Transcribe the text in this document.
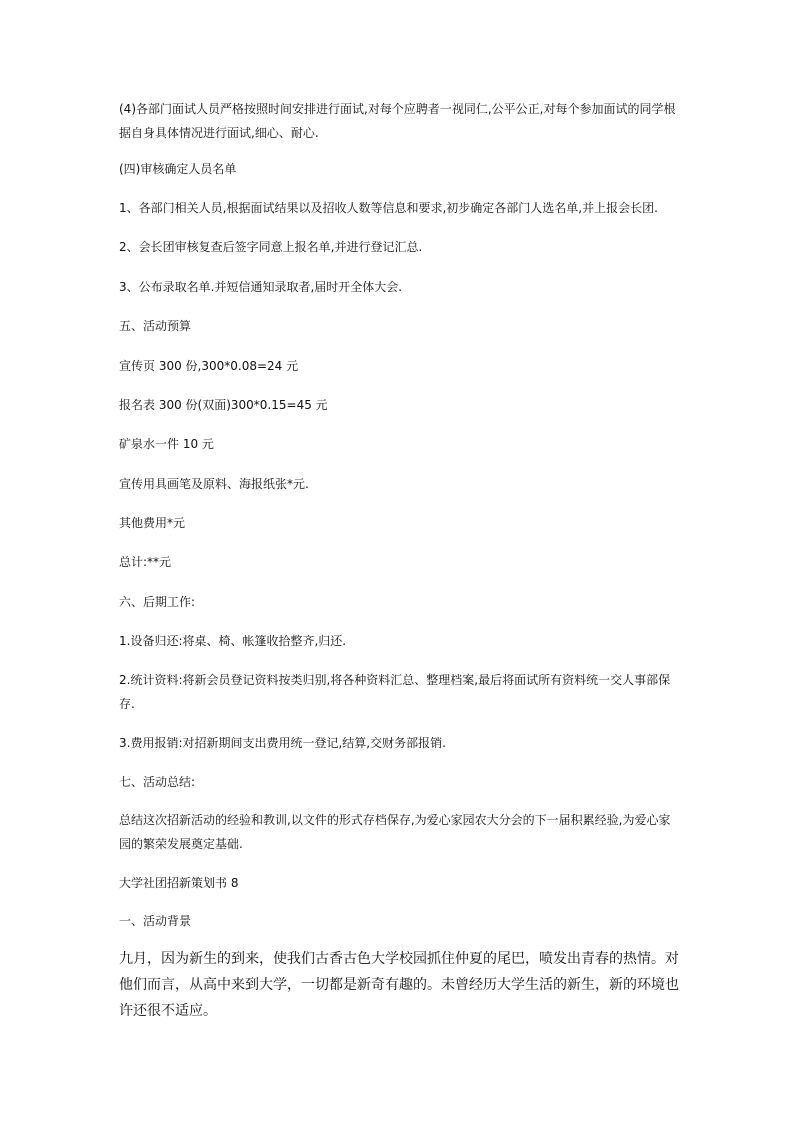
(4)各部门面试人员严格按照时间安排进行面试,对每个应聘者一视同仁,公平公正,对每个参加面试的同学根据自身具体情况进行面试,细心、耐心.
(四)审核确定人员名单
1、各部门相关人员,根据面试结果以及招收人数等信息和要求,初步确定各部门人选名单,并上报会长团.
2、会长团审核复查后签字同意上报名单,并进行登记汇总.
3、公布录取名单.并短信通知录取者,届时开全体大会.
五、活动预算
宣传页 300 份,300*0.08=24 元
报名表 300 份(双面)300*0.15=45 元
矿泉水一件 10 元
宣传用具画笔及原料、海报纸张*元.
其他费用*元
总计:**元
六、后期工作:
1.设备归还:将桌、椅、帐篷收拾整齐,归还.
2.统计资料:将新会员登记资料按类归别,将各种资料汇总、整理档案,最后将面试所有资料统一交人事部保存.
3.费用报销:对招新期间支出费用统一登记,结算,交财务部报销.
七、活动总结:
总结这次招新活动的经验和教训,以文件的形式存档保存,为爱心家园农大分会的下一届积累经验,为爱心家园的繁荣发展奠定基础.
大学社团招新策划书 8
一、活动背景
九月，因为新生的到来，使我们古香古色大学校园抓住仲夏的尾巴，喷发出青春的热情。对他们而言，从高中来到大学，一切都是新奇有趣的。未曾经历大学生活的新生，新的环境也许还很不适应。
